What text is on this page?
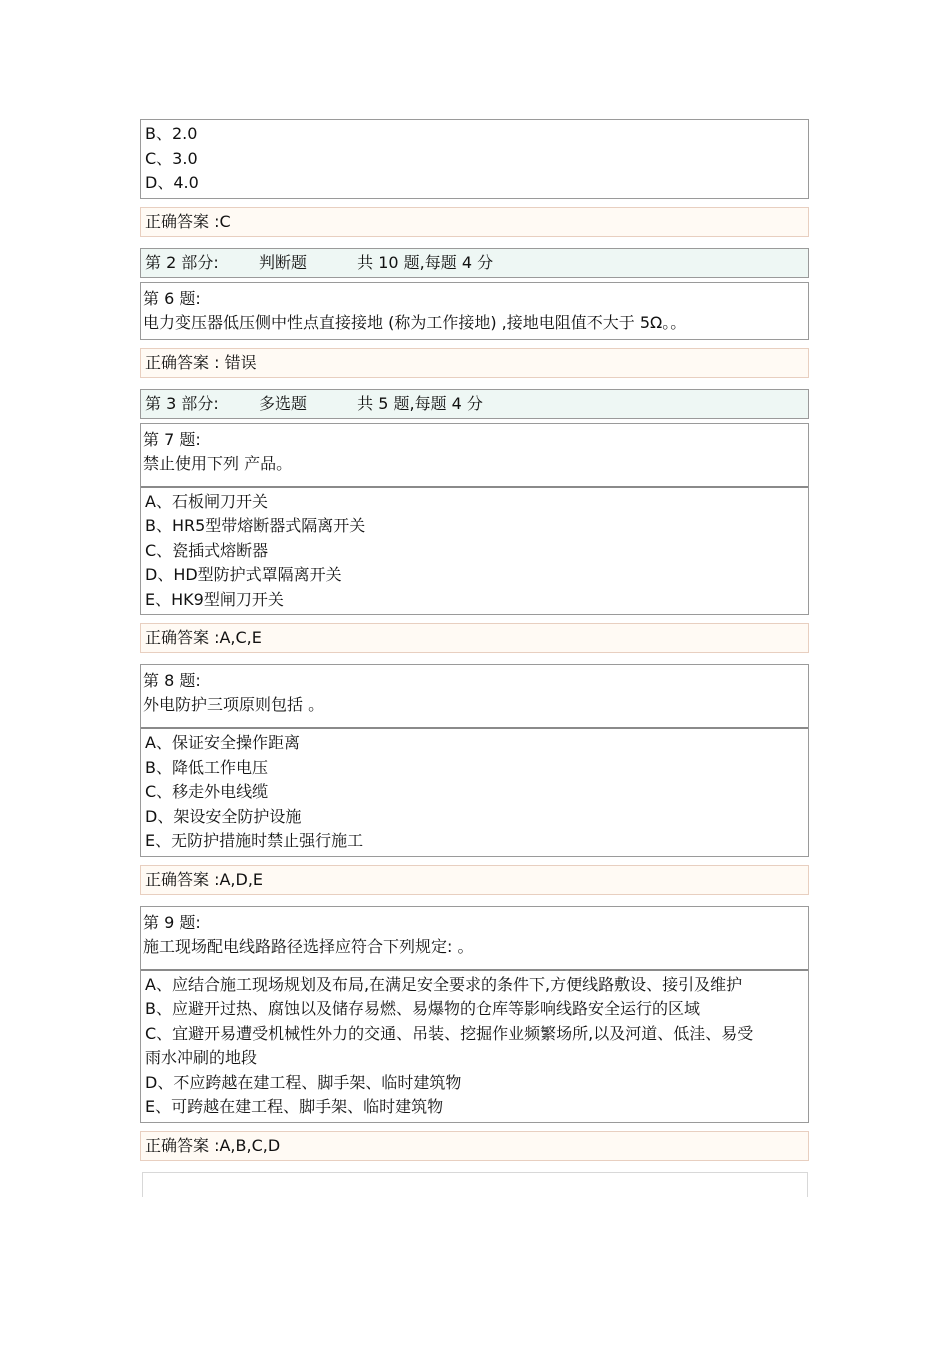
B、2.0
C、3.0
D、4.0
正确答案 :C
第 2 部分:	判断题	共 10 题,每题 4 分
第 6 题:
电力变压器低压侧中性点直接接地 (称为工作接地) ,接地电阻值不大于 5Ω。。
正确答案 : 错误
第 3 部分:	多选题	共 5 题,每题 4 分
第 7 题:
禁止使用下列 产品。
A、石板闸刀开关
B、HR5型带熔断器式隔离开关
C、瓷插式熔断器
D、HD型防护式罩隔离开关
E、HK9型闸刀开关
正确答案 :A,C,E
第 8 题:
外电防护三项原则包括 。
A、保证安全操作距离
B、降低工作电压
C、移走外电线缆
D、架设安全防护设施
E、无防护措施时禁止强行施工
正确答案 :A,D,E
第 9 题:
施工现场配电线路路径选择应符合下列规定: 。
A、应结合施工现场规划及布局,在满足安全要求的条件下,方便线路敷设、接引及维护
B、应避开过热、腐蚀以及储存易燃、易爆物的仓库等影响线路安全运行的区域
C、宜避开易遭受机械性外力的交通、吊装、挖掘作业频繁场所,以及河道、低洼、易受雨水冲刷的地段
D、不应跨越在建工程、脚手架、临时建筑物
E、可跨越在建工程、脚手架、临时建筑物
正确答案 :A,B,C,D
